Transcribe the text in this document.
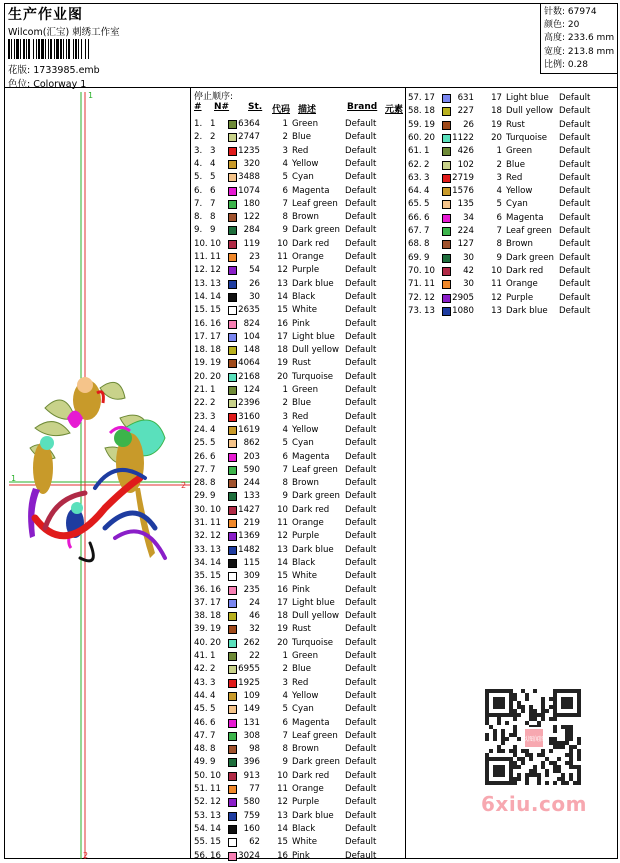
生产作业图
Wilcom(汇宝) 刺绣工作室
花版: 1733985.emb
色位: Colorway 1
针数: 67974
颜色: 20
高度: 233.6 mm
宽度: 213.8 mm
比例: 0.28
1
1
2
2
停止顺序:
# N# St. 代码 描述	Brand 元素
1. 1	6364	1 Green	Default
2. 2	2747	2 Blue	Default
3. 3	1235	3 Red	Default
4. 4	320	4 Yellow	Default
5. 5	3488	5 Cyan	Default
6. 6	1074	6 Magenta Default
7. 7	180	7 Leaf green Default
8. 8	122	8 Brown	Default
9. 9	284	9 Dark green Default
10. 10	119 10 Dark red Default
11. 11	23 11 Orange Default
12. 12	54 12 Purple	Default
13. 13	26 13 Dark blue Default
14. 14	30 14 Black	Default
15. 15 2635 15 White	Default
16. 16	824 16 Pink	Default
17. 17	104 17 Light blue Default
18. 18	148 18 Dull yellow Default
19. 19 4064 19 Rust	Default
20. 20 2168 20 Turquoise Default
21. 1	124	1 Green	Default
22. 2	2396	2 Blue	Default
23. 3	3160	3 Red	Default
24. 4	1619	4 Yellow	Default
25. 5	862	5 Cyan	Default
26. 6	203	6 Magenta Default
27. 7	590	7 Leaf green Default
28. 8	244	8 Brown	Default
29. 9	133	9 Dark green Default
30. 10 1427 10 Dark red Default
31. 11	219 11 Orange Default
32. 12 1369 12 Purple	Default
33. 13 1482 13 Dark blue Default
34. 14	115 14 Black	Default
35. 15	309 15 White	Default
36. 16	235 16 Pink	Default
37. 17	24 17 Light blue Default
38. 18	46 18 Dull yellow Default
39. 19	32 19 Rust	Default
40. 20	262 20 Turquoise Default
41. 1	22	1 Green	Default
42. 2	6955	2 Blue	Default
43. 3	1925	3 Red	Default
44. 4	109	4 Yellow	Default
45. 5	149	5 Cyan	Default
46. 6	131	6 Magenta Default
47. 7	308	7 Leaf green Default
48. 8	98	8 Brown	Default
49. 9	396	9 Dark green Default
50. 10	913 10 Dark red Default
51. 11	77 11 Orange Default
52. 12	580 12 Purple	Default
53. 13	759 13 Dark blue Default
54. 14	160 14 Black	Default
55. 15	62 15 White	Default
56. 16 3024 16 Pink	Default
57. 17	631 17 Light blue Default
58. 18	227 18 Dull yellow Default
59. 19	26 19 Rust	Default
60. 20 1122 20 Turquoise Default
61. 1	426	1 Green	Default
62. 2	102	2 Blue	Default
63. 3	2719	3 Red	Default
64. 4	1576	4 Yellow	Default
65. 5	135	5 Cyan	Default
66. 6	34	6 Magenta Default
67. 7	224	7 Leaf green Default
68. 8	127	8 Brown	Default
69. 9	30	9 Dark green Default
70. 10	42 10 Dark red Default
71. 11	30 11 Orange Default
72. 12 2905 12 Purple	Default
73. 13 1080 13 Dark blue Default
以图闻图
6xiu.com
